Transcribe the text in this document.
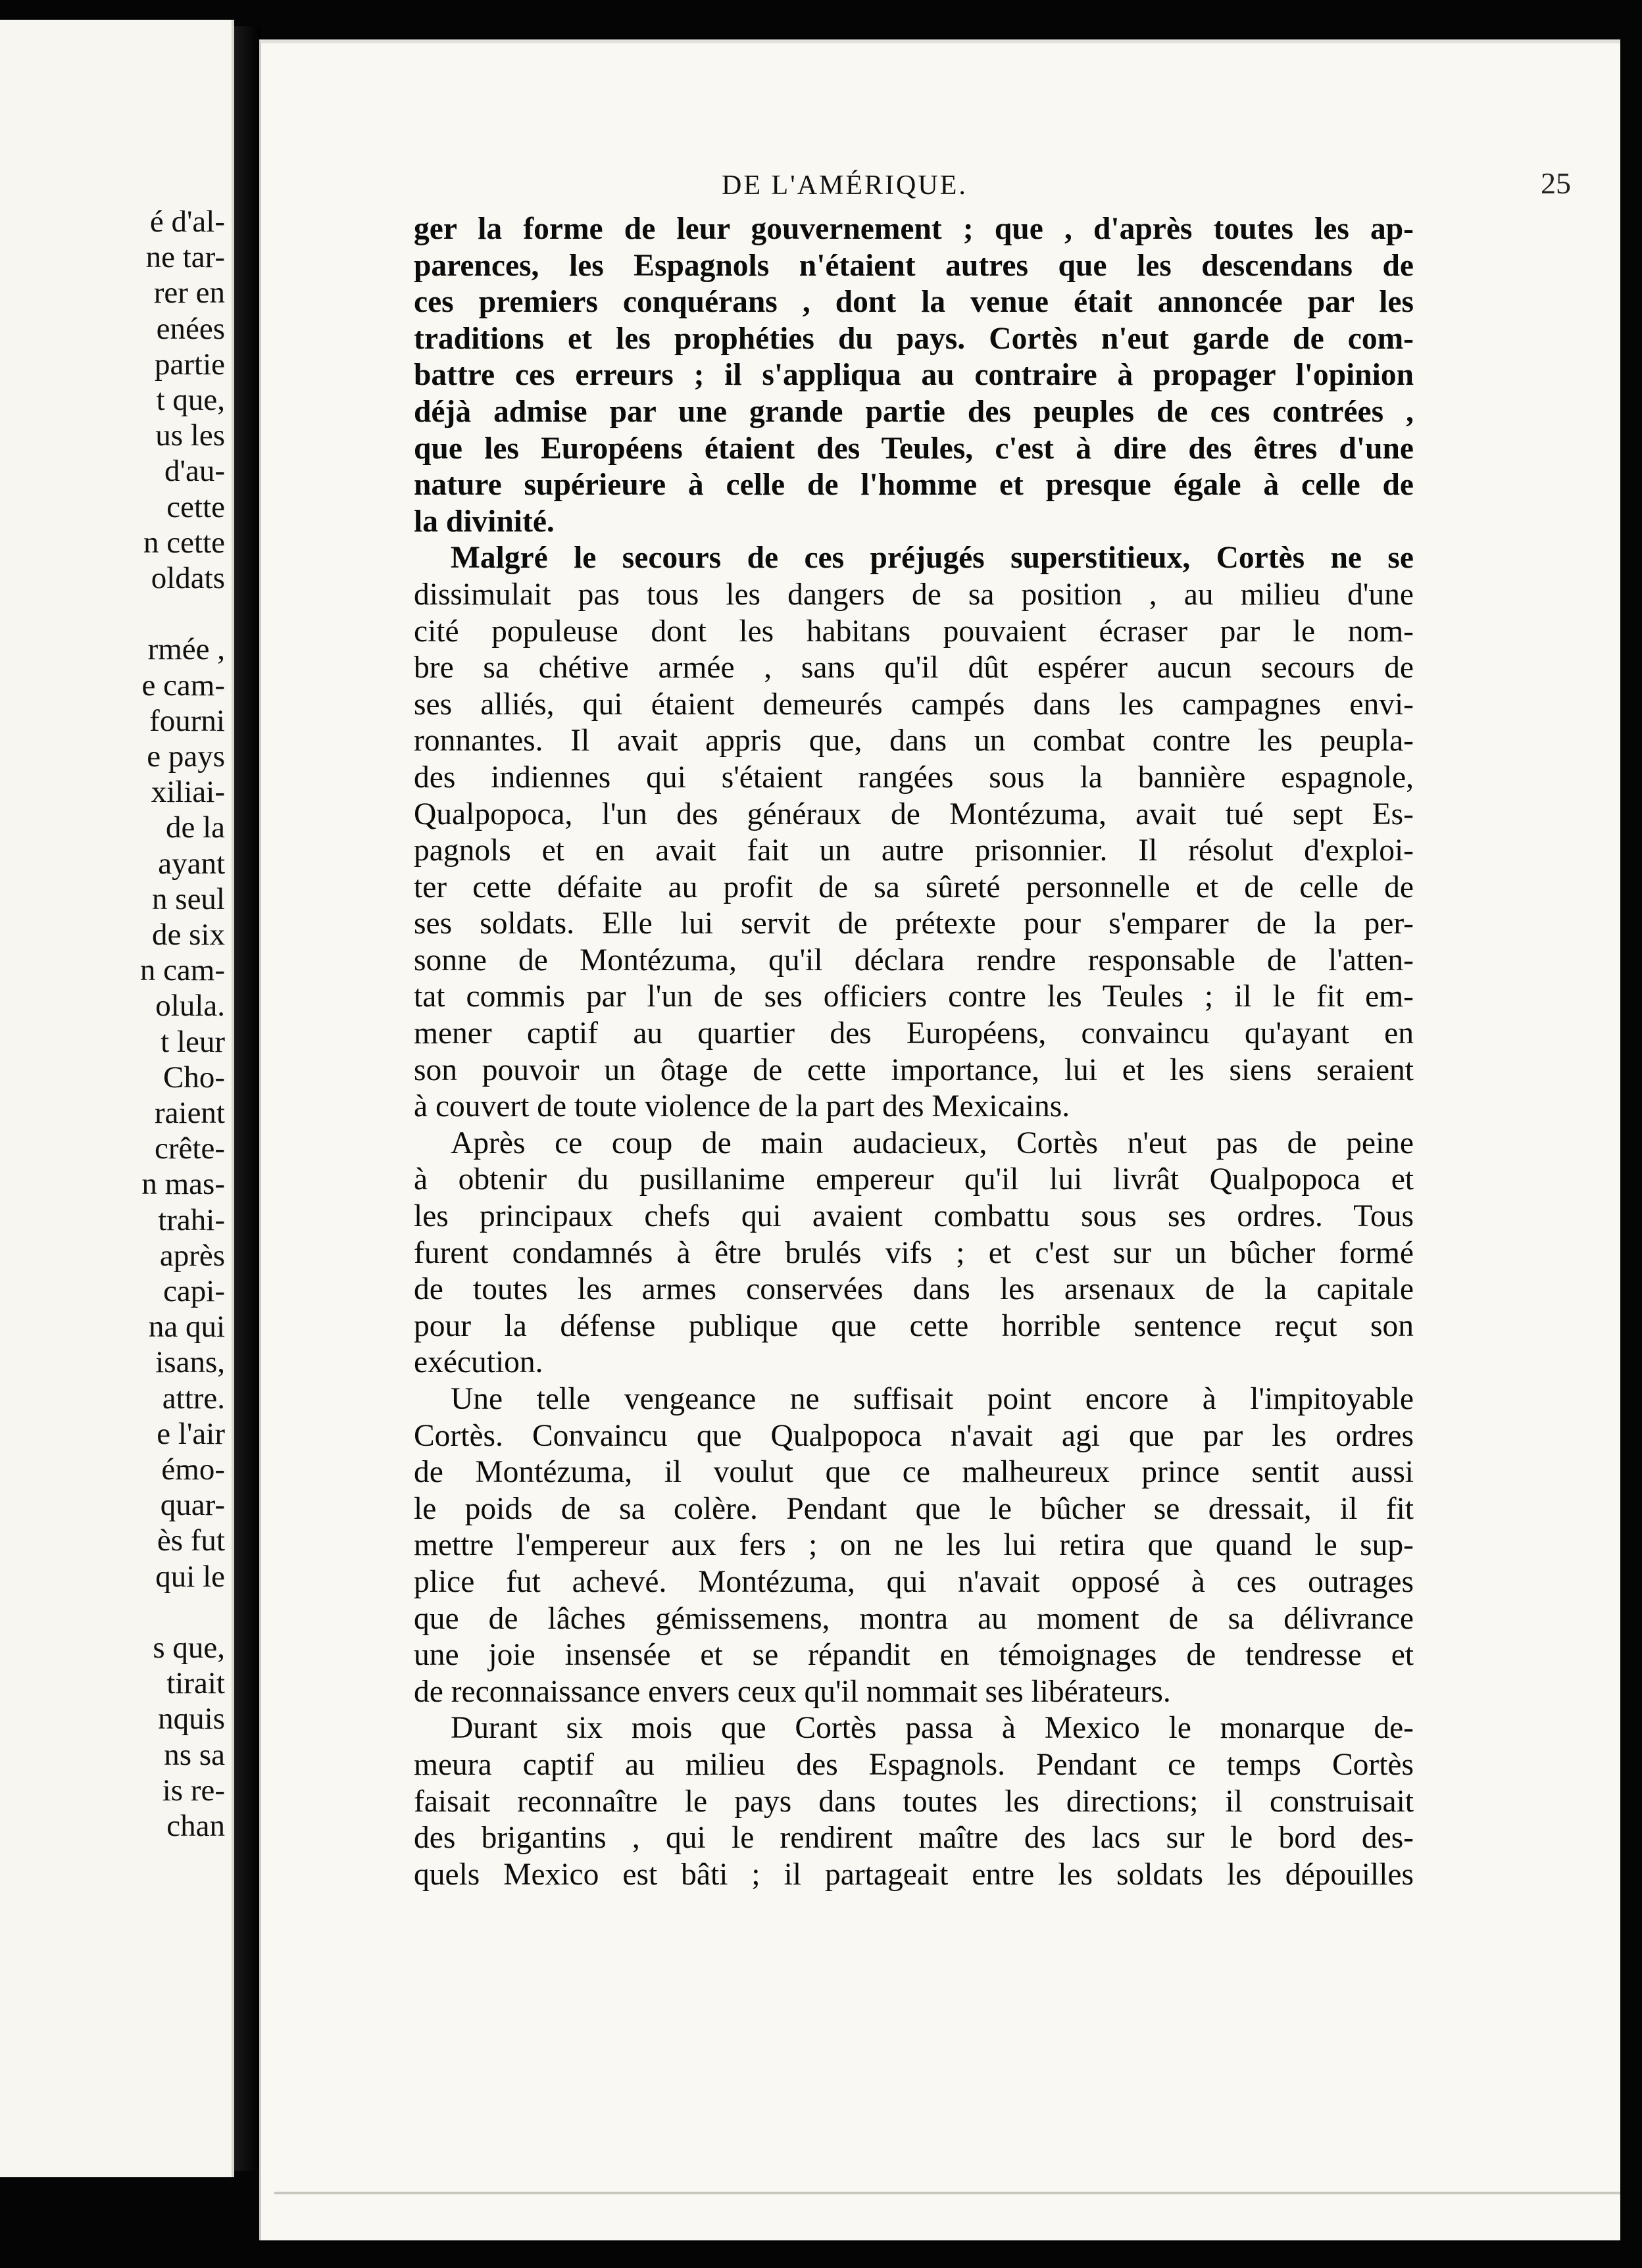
é d'al-
ne tar-
rer en
enées
partie
t que,
us les
d'au-
cette
n cette
oldats
rmée ,
e cam-
fourni
e pays
xiliai-
de la
ayant
n seul
de six
n cam-
olula.
t leur
Cho-
raient
crête-
n mas-
trahi-
après
capi-
na qui
isans,
attre.
e l'air
émo-
quar-
ès fut
qui le
s que,
tirait
nquis
ns sa
is re-
chan
DE L'AMÉRIQUE.	25
ger la forme de leur gouvernement ; que , d'après toutes les ap-
parences, les Espagnols n'étaient autres que les descendans de
ces premiers conquérans , dont la venue était annoncée par les
traditions et les prophéties du pays. Cortès n'eut garde de com-
battre ces erreurs ; il s'appliqua au contraire à propager l'opinion
déjà admise par une grande partie des peuples de ces contrées ,
que les Européens étaient des Teules, c'est à dire des êtres d'une
nature supérieure à celle de l'homme et presque égale à celle de
la divinité.
Malgré le secours de ces préjugés superstitieux, Cortès ne se
dissimulait pas tous les dangers de sa position , au milieu d'une
cité populeuse dont les habitans pouvaient écraser par le nom-
bre sa chétive armée , sans qu'il dût espérer aucun secours de
ses alliés, qui étaient demeurés campés dans les campagnes envi-
ronnantes. Il avait appris que, dans un combat contre les peupla-
des indiennes qui s'étaient rangées sous la bannière espagnole,
Qualpopoca, l'un des généraux de Montézuma, avait tué sept Es-
pagnols et en avait fait un autre prisonnier. Il résolut d'exploi-
ter cette défaite au profit de sa sûreté personnelle et de celle de
ses soldats. Elle lui servit de prétexte pour s'emparer de la per-
sonne de Montézuma, qu'il déclara rendre responsable de l'atten-
tat commis par l'un de ses officiers contre les Teules ; il le fit em-
mener captif au quartier des Européens, convaincu qu'ayant en
son pouvoir un ôtage de cette importance, lui et les siens seraient
à couvert de toute violence de la part des Mexicains.
Après ce coup de main audacieux, Cortès n'eut pas de peine
à obtenir du pusillanime empereur qu'il lui livrât Qualpopoca et
les principaux chefs qui avaient combattu sous ses ordres. Tous
furent condamnés à être brulés vifs ; et c'est sur un bûcher formé
de toutes les armes conservées dans les arsenaux de la capitale
pour la défense publique que cette horrible sentence reçut son
exécution.
Une telle vengeance ne suffisait point encore à l'impitoyable
Cortès. Convaincu que Qualpopoca n'avait agi que par les ordres
de Montézuma, il voulut que ce malheureux prince sentit aussi
le poids de sa colère. Pendant que le bûcher se dressait, il fit
mettre l'empereur aux fers ; on ne les lui retira que quand le sup-
plice fut achevé. Montézuma, qui n'avait opposé à ces outrages
que de lâches gémissemens, montra au moment de sa délivrance
une joie insensée et se répandit en témoignages de tendresse et
de reconnaissance envers ceux qu'il nommait ses libérateurs.
Durant six mois que Cortès passa à Mexico le monarque de-
meura captif au milieu des Espagnols. Pendant ce temps Cortès
faisait reconnaître le pays dans toutes les directions; il construisait
des brigantins , qui le rendirent maître des lacs sur le bord des-
quels Mexico est bâti ; il partageait entre les soldats les dépouilles
